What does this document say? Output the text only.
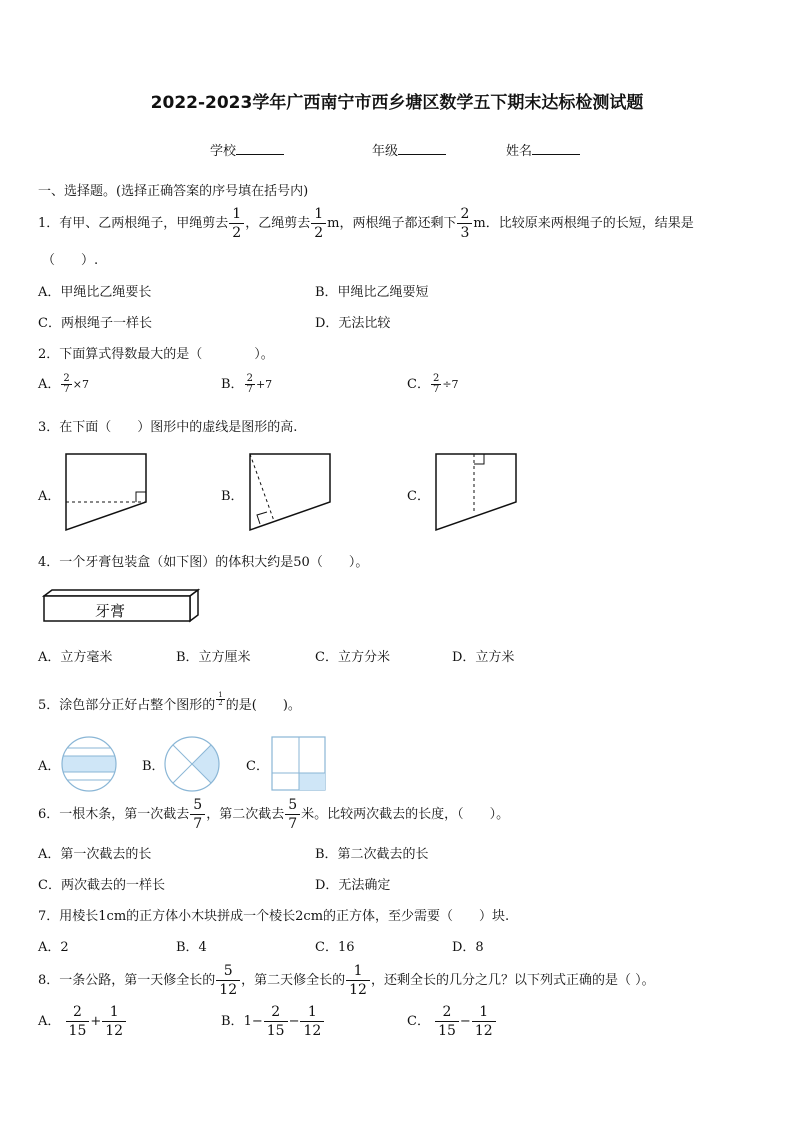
2022-2023学年广西南宁市西乡塘区数学五下期末达标检测试题
学校	年级	姓名
一、选择题。(选择正确答案的序号填在括号内)
1．有甲、乙两根绳子，甲绳剪去 $\frac{1}{2}$ ，乙绳剪去 $\frac{1}{2}$ m，两根绳子都还剩下 $\frac{2}{3}$ m．比较原来两根绳子的长短，结果是
（　　）.
A．甲绳比乙绳要长	B．甲绳比乙绳要短
C．两根绳子一样长	D．无法比较
2．下面算式得数最大的是（　　　　）。
A． $\frac{2}{7} \times 7$	B． $\frac{2}{7} +7$	C． $\frac{2}{7} \div 7$
3．在下面（　　）图形中的虚线是图形的高.
A．	B．	C．
4．一个牙膏包装盒（如下图）的体积大约是50（　　）。
牙膏
A．立方毫米	B．立方厘米	C．立方分米	D．立方米
5．涂色部分正好占整个图形的 $\frac{1}{2}$ 的是(　　)。
A．	B．	C．
6．一根木条，第一次截去 $\frac{5}{7}$ ，第二次截去 $\frac{5}{7}$ 米。比较两次截去的长度，（　　）。
A．第一次截去的长	B．第二次截去的长
C．两次截去的一样长	D．无法确定
7．用棱长1cm的正方体小木块拼成一个棱长2cm的正方体，至少需要（　　）块.
A．2	B．4	C．16	D．8
8．一条公路，第一天修全长的 $\frac{5}{12}$ ，第二天修全长的 $\frac{1}{12}$ ，还剩全长的几分之几？以下列式正确的是（ ）。
A． $\frac{2}{15} + \frac{1}{12}$	B．$1- \frac{2}{15} - \frac{1}{12}$	C． $\frac{2}{15} - \frac{1}{12}$
